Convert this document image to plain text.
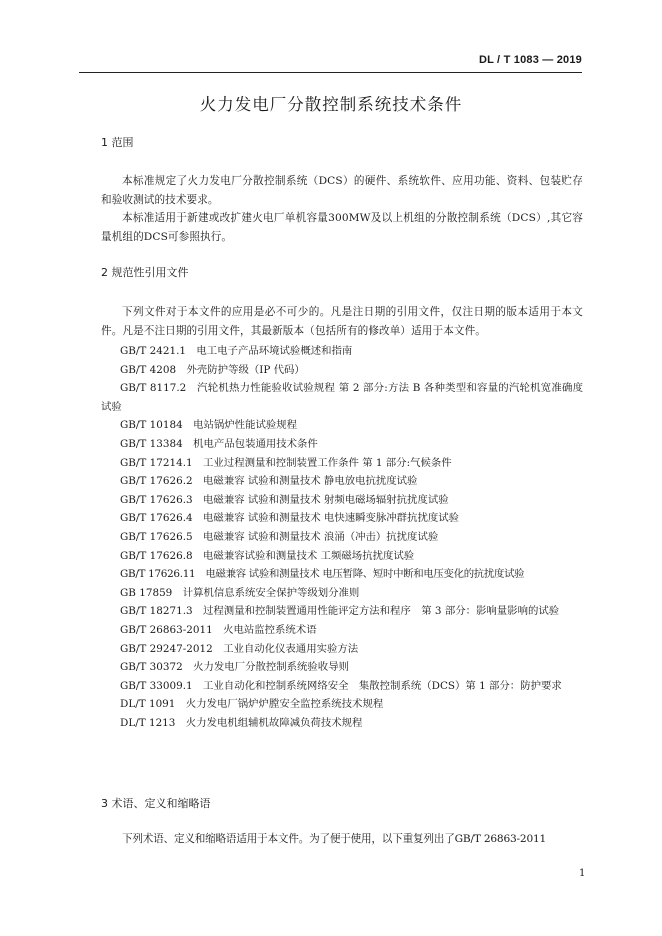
DL / T 1083 — 2019
火力发电厂分散控制系统技术条件
1 范围
本标准规定了火力发电厂分散控制系统（DCS）的硬件、系统软件、应用功能、资料、包装贮存和验收测试的技术要求。
本标准适用于新建或改扩建火电厂单机容量300MW及以上机组的分散控制系统（DCS）,其它容量机组的DCS可参照执行。
2 规范性引用文件
下列文件对于本文件的应用是必不可少的。凡是注日期的引用文件，仅注日期的版本适用于本文件。凡是不注日期的引用文件，其最新版本（包括所有的修改单）适用于本文件。
GB/T 2421.1　电工电子产品环境试验概述和指南
GB/T 4208　外壳防护等级（IP 代码）
GB/T 8117.2　汽轮机热力性能验收试验规程 第 2 部分:方法 B 各种类型和容量的汽轮机宽准确度试验
GB/T 10184　电站锅炉性能试验规程
GB/T 13384　机电产品包装通用技术条件
GB/T 17214.1　工业过程测量和控制装置工作条件 第 1 部分:气候条件
GB/T 17626.2　电磁兼容 试验和测量技术 静电放电抗扰度试验
GB/T 17626.3　电磁兼容 试验和测量技术 射频电磁场辐射抗扰度试验
GB/T 17626.4　电磁兼容 试验和测量技术 电快速瞬变脉冲群抗扰度试验
GB/T 17626.5　电磁兼容 试验和测量技术 浪涌（冲击）抗扰度试验
GB/T 17626.8　电磁兼容试验和测量技术 工频磁场抗扰度试验
GB/T 17626.11　电磁兼容 试验和测量技术 电压暂降、短时中断和电压变化的抗扰度试验
GB 17859　计算机信息系统安全保护等级划分准则
GB/T 18271.3　过程测量和控制装置通用性能评定方法和程序　第 3 部分：影响量影响的试验
GB/T 26863-2011　火电站监控系统术语
GB/T 29247-2012　工业自动化仪表通用实验方法
GB/T 30372　火力发电厂分散控制系统验收导则
GB/T 33009.1　工业自动化和控制系统网络安全　集散控制系统（DCS）第 1 部分：防护要求
DL/T 1091　火力发电厂锅炉炉膛安全监控系统技术规程
DL/T 1213　火力发电机组辅机故障减负荷技术规程
3 术语、定义和缩略语
下列术语、定义和缩略语适用于本文件。为了便于使用，以下重复列出了GB/T 26863-2011
1
